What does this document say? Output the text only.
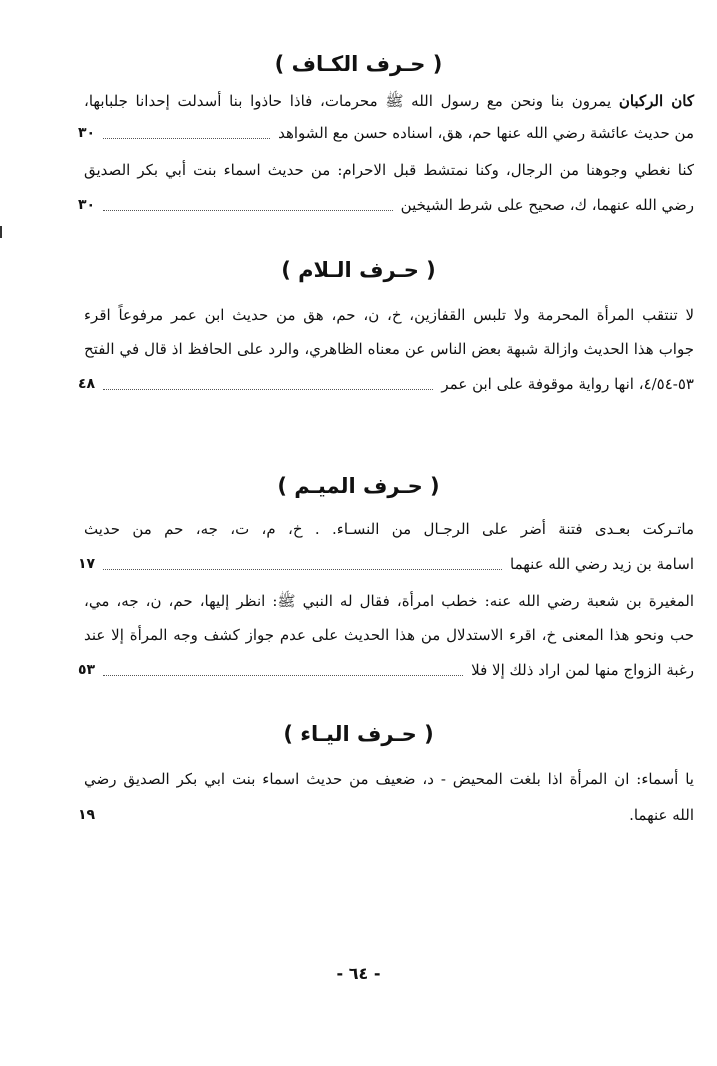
( حـرف الكـاف )
كان الركبان يمرون بنا ونحن مع رسول الله ﷺ محرمات، فاذا حاذوا بنا أسدلت إحدانا جلبابها،
من حديث عائشة رضي الله عنها حم، هق، اسناده حسن مع الشواهد
٣٠
كنا نغطي وجوهنا من الرجال، وكنا نمتشط قبل الاحرام: من حديث اسماء بنت أبي بكر الصديق
رضي الله عنهما، ك، صحيح على شرط الشيخين
٣٠
( حـرف الـلام )
لا تنتقب المرأة المحرمة ولا تلبس القفازين، خ، ن، حم، هق من حديث ابن عمر مرفوعاً اقرء
جواب هذا الحديث وازالة شبهة بعض الناس عن معناه الظاهري، والرد على الحافظ اذ قال في الفتح
٥٣-٤/٥٤، انها رواية موقوفة على ابن عمر
٤٨
( حـرف الميـم )
ماتـركت بعـدى فتنة أضر على الرجـال من النسـاء. . خ، م، ت، جه، حم من حديث
اسامة بن زيد رضي الله عنهما
١٧
المغيرة بن شعبة رضي الله عنه: خطب امرأة، فقال له النبي ﷺ: انظر إليها، حم، ن، جه، مي،
حب ونحو هذا المعنى خ، اقرء الاستدلال من هذا الحديث على عدم جواز كشف وجه المرأة إلا عند
رغبة الزواج منها لمن اراد ذلك إلا فلا
٥٣
( حـرف اليـاء )
يا أسماء: ان المرأة اذا بلغت المحيض - د، ضعيف من حديث اسماء بنت ابي بكر الصديق رضي
الله عنهما.
١٩
- ٦٤ -
